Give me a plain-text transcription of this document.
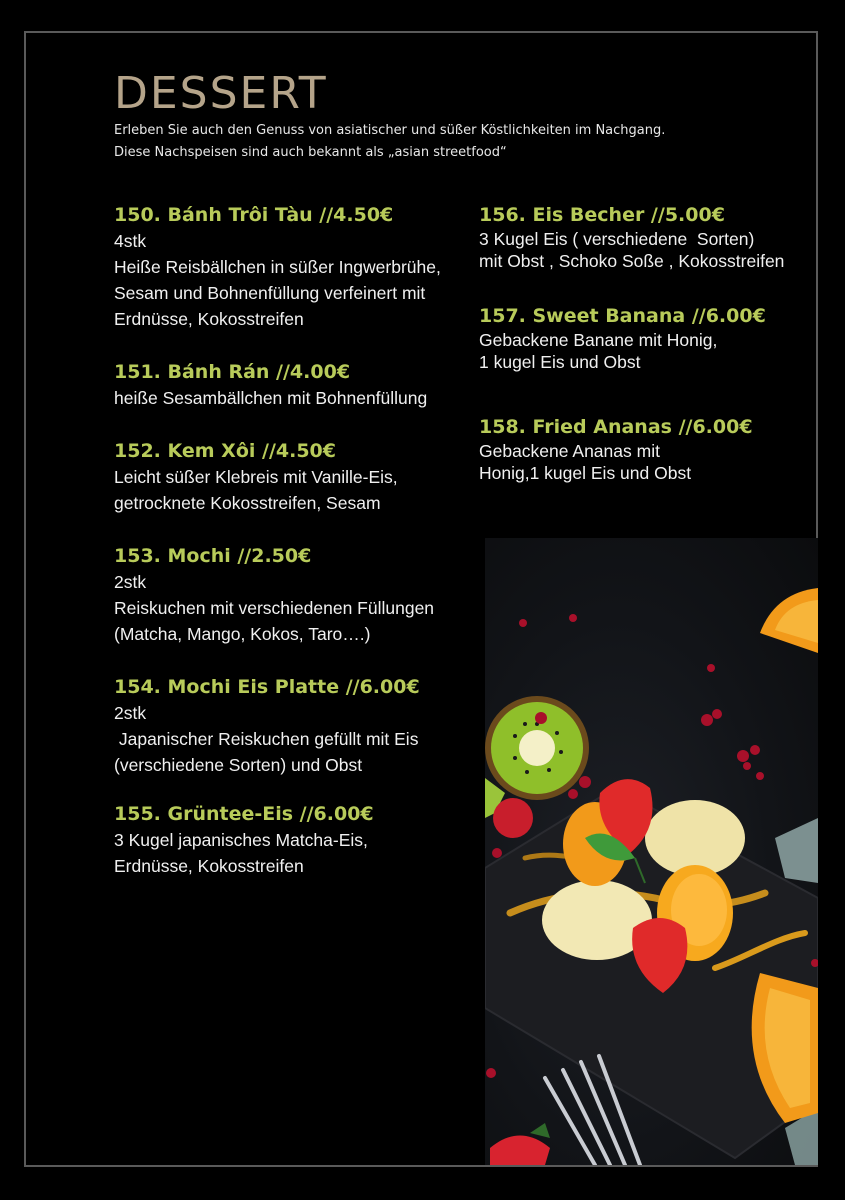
DESSERT
Erleben Sie auch den Genuss von asiatischer und süßer Köstlichkeiten im Nachgang.
Diese Nachspeisen sind auch bekannt als „asian streetfood“
150. Bánh Trôi Tàu //4.50€
4stk
Heiße Reisbällchen in süßer Ingwerbrühe,
Sesam und Bohnenfüllung verfeinert mit
Erdnüsse, Kokosstreifen
151. Bánh Rán //4.00€
heiße Sesambällchen mit Bohnenfüllung
152. Kem Xôi //4.50€
Leicht süßer Klebreis mit Vanille-Eis,
getrocknete Kokosstreifen, Sesam
153. Mochi //2.50€
2stk
Reiskuchen mit verschiedenen Füllungen
(Matcha, Mango, Kokos, Taro….)
154. Mochi Eis Platte //6.00€
2stk
Japanischer Reiskuchen gefüllt mit Eis
(verschiedene Sorten) und Obst
155. Grüntee-Eis //6.00€
3 Kugel japanisches Matcha-Eis,
Erdnüsse, Kokosstreifen
156. Eis Becher //5.00€
3 Kugel Eis ( verschiedene  Sorten)
mit Obst , Schoko Soße , Kokosstreifen
157. Sweet Banana //6.00€
Gebackene Banane mit Honig,
1 kugel Eis und Obst
158. Fried Ananas //6.00€
Gebackene Ananas mit
Honig,1 kugel Eis und Obst
